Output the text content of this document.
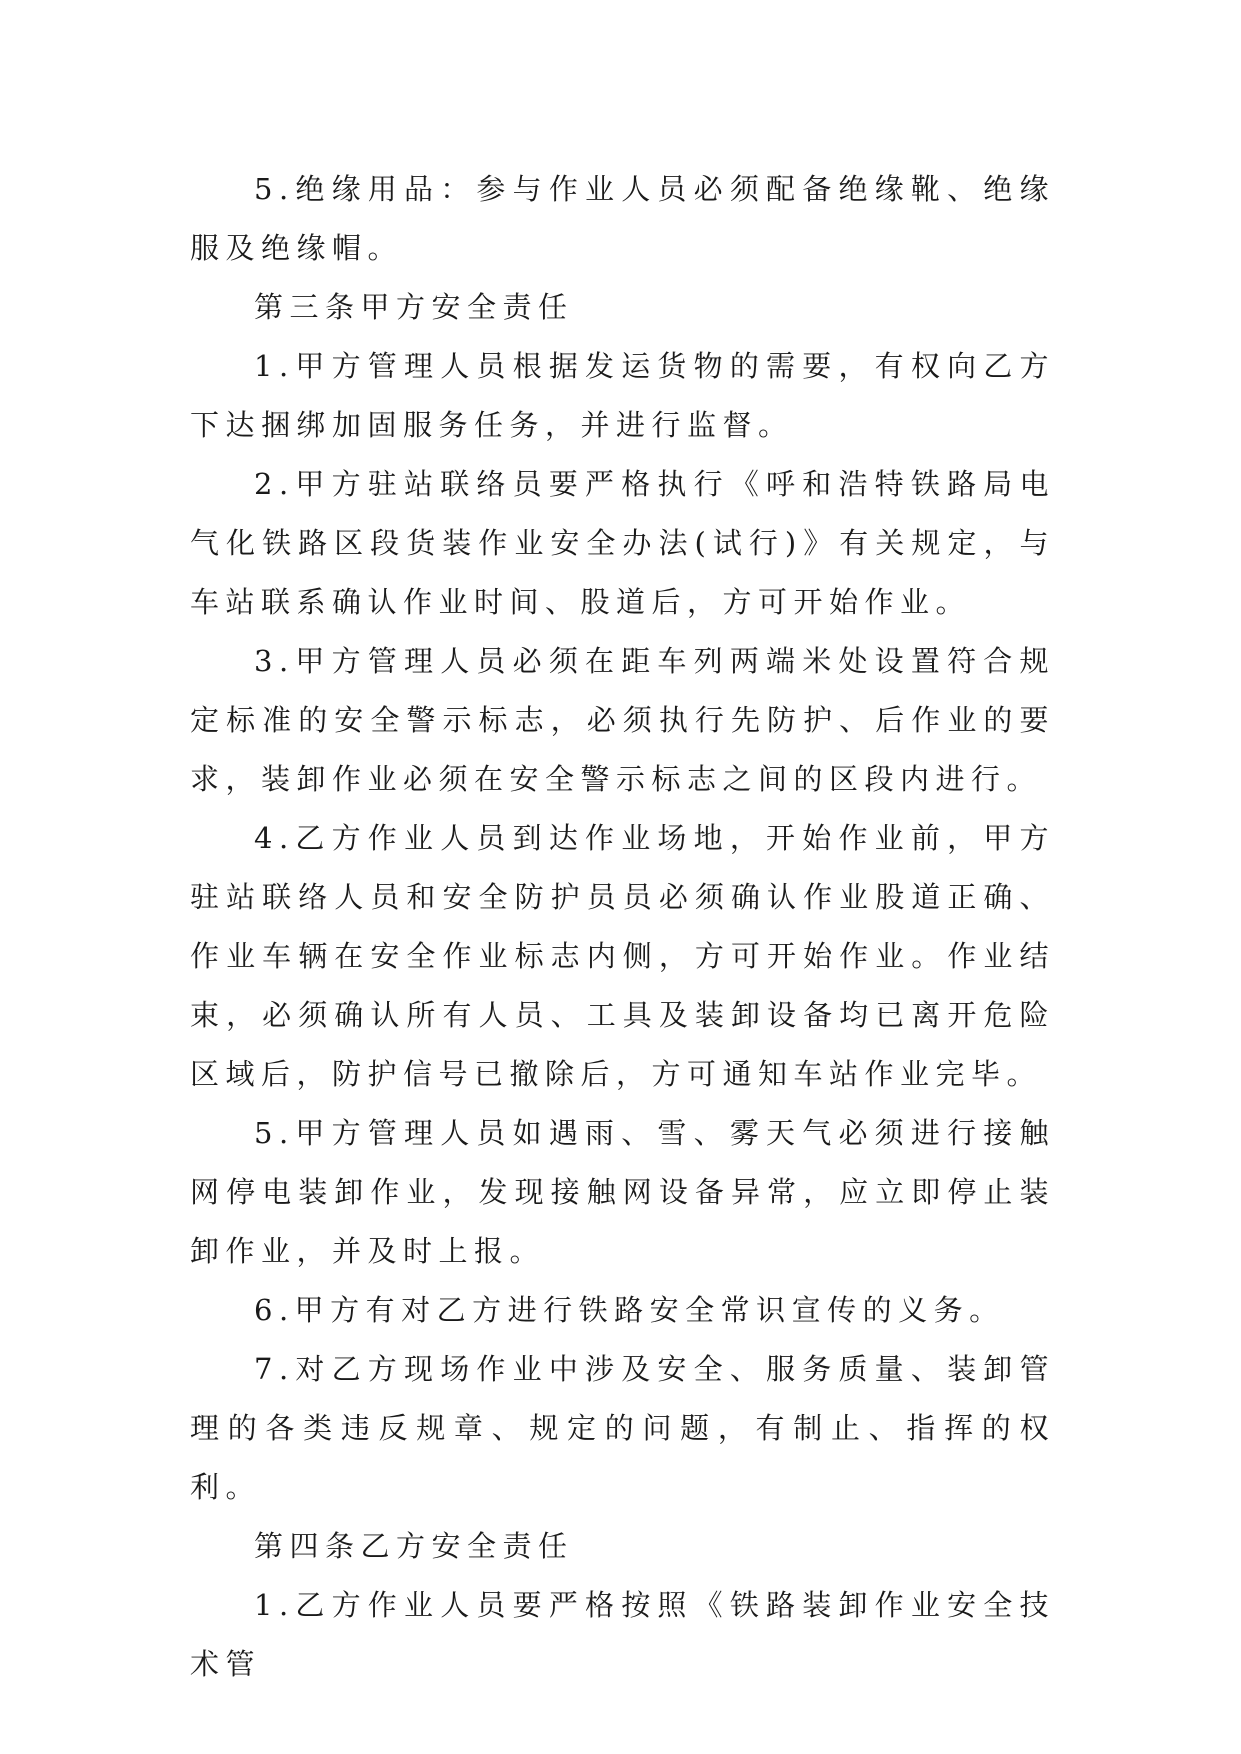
5.绝缘用品：参与作业人员必须配备绝缘靴、绝缘服及绝缘帽。

第三条甲方安全责任

1.甲方管理人员根据发运货物的需要，有权向乙方下达捆绑加固服务任务，并进行监督。

2.甲方驻站联络员要严格执行《呼和浩特铁路局电气化铁路区段货装作业安全办法(试行)》有关规定，与车站联系确认作业时间、股道后，方可开始作业。

3.甲方管理人员必须在距车列两端米处设置符合规定标准的安全警示标志，必须执行先防护、后作业的要求，装卸作业必须在安全警示标志之间的区段内进行。

4.乙方作业人员到达作业场地，开始作业前，甲方驻站联络人员和安全防护员员必须确认作业股道正确、作业车辆在安全作业标志内侧，方可开始作业。作业结束，必须确认所有人员、工具及装卸设备均已离开危险区域后，防护信号已撤除后，方可通知车站作业完毕。

5.甲方管理人员如遇雨、雪、雾天气必须进行接触网停电装卸作业，发现接触网设备异常，应立即停止装卸作业，并及时上报。

6.甲方有对乙方进行铁路安全常识宣传的义务。

7.对乙方现场作业中涉及安全、服务质量、装卸管理的各类违反规章、规定的问题，有制止、指挥的权利。

第四条乙方安全责任

1.乙方作业人员要严格按照《铁路装卸作业安全技术管
